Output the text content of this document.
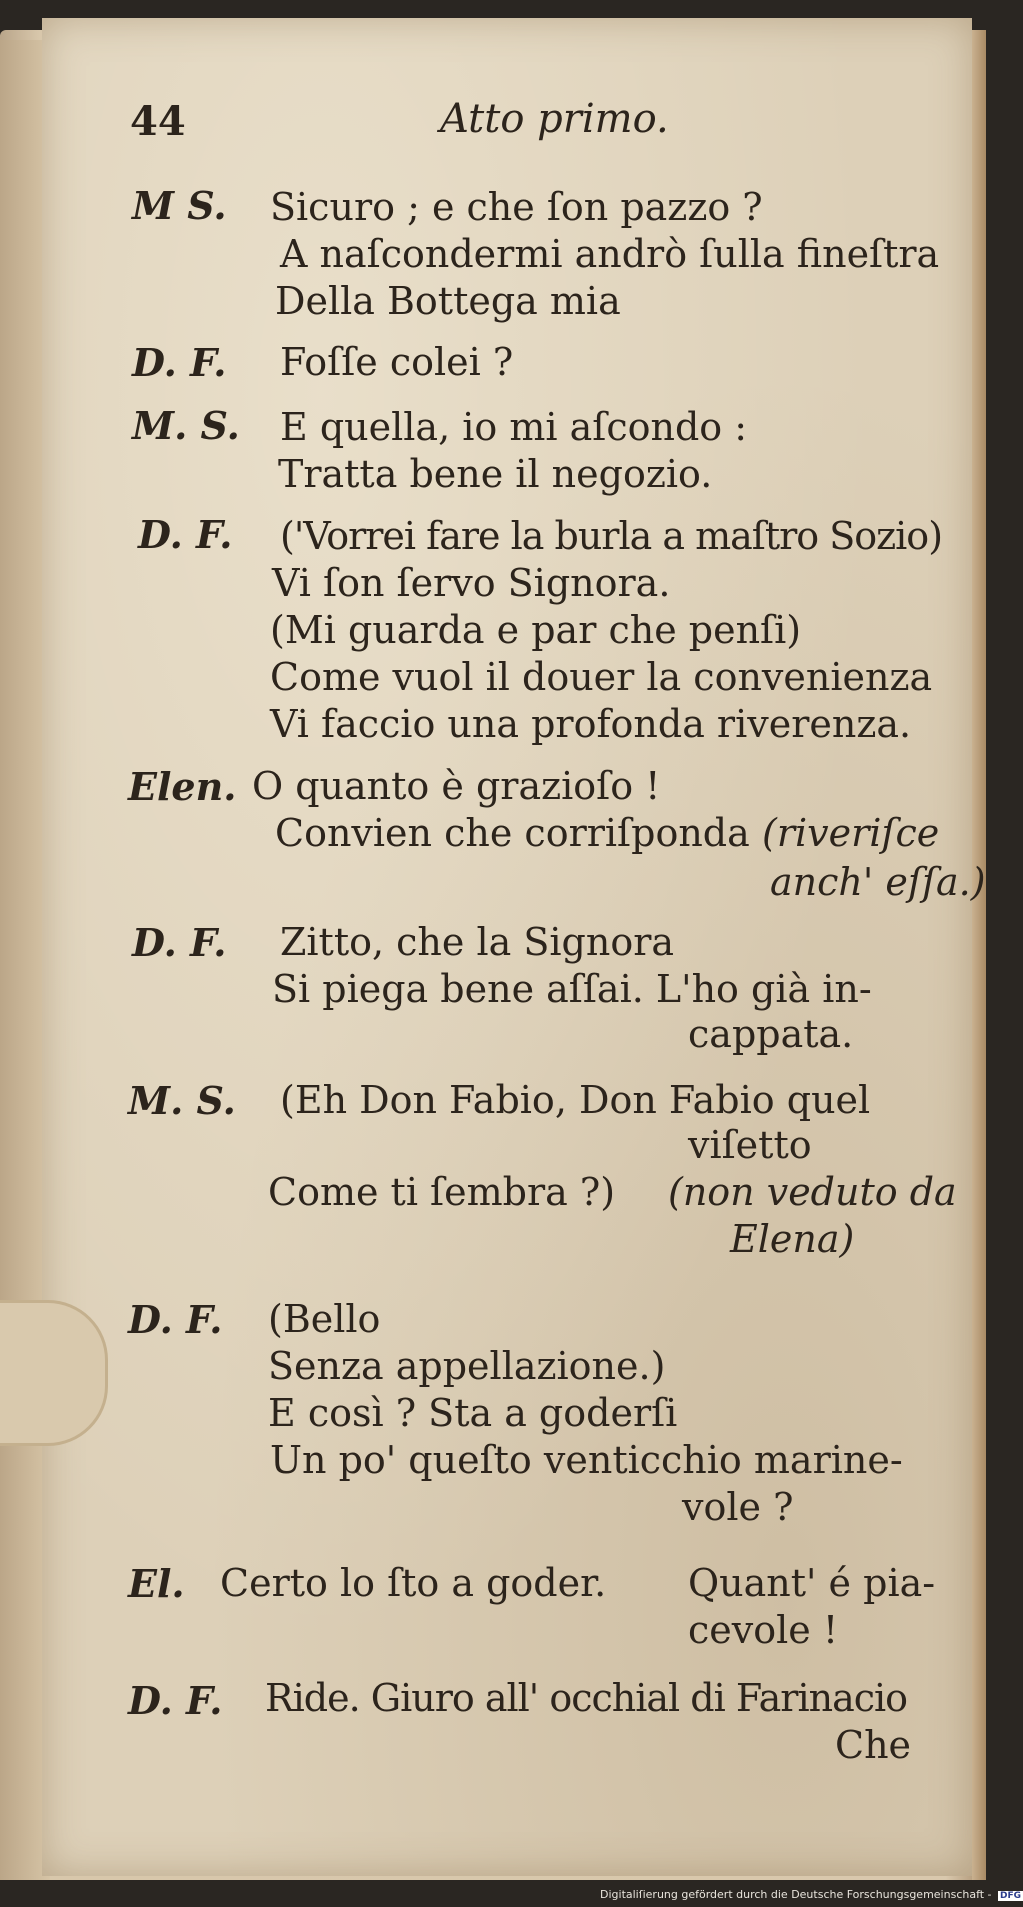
44	Atto primo.
M S. Sicuro ; e che ſon pazzo ?
A naſcondermi andrò ſulla fineſtra
Della Bottega mia
D. F. Foſſe colei ?
M. S. E quella, io mi aſcondo :
Tratta bene il negozio.
D. F. ('Vorrei fare la burla a maſtro Sozio)
Vi ſon ſervo Signora.
(Mi guarda e par che penſi)
Come vuol il douer la convenienza
Vi faccio una profonda riverenza.
Elen. O quanto è grazioſo !
Convien che corriſponda (riveriſce
anch' eſſa.)
D. F. Zitto, che la Signora
Si piega bene aſſai. L'ho già in-
cappata.
M. S. (Eh Don Fabio, Don Fabio quel
viſetto
Come ti ſembra ?) (non veduto da
Elena)
D. F. (Bello
Senza appellazione.)
E così ? Sta a goderſi
Un po' queſto venticchio marine-
vole ?
El. Certo lo ſto a goder. Quant' é pia-
cevole !
D. F. Ride. Giuro all' occhial di Farinacio
Che
Digitaliſierung gefördert durch die Deutsche Forschungsgemeinschaft - DFG
